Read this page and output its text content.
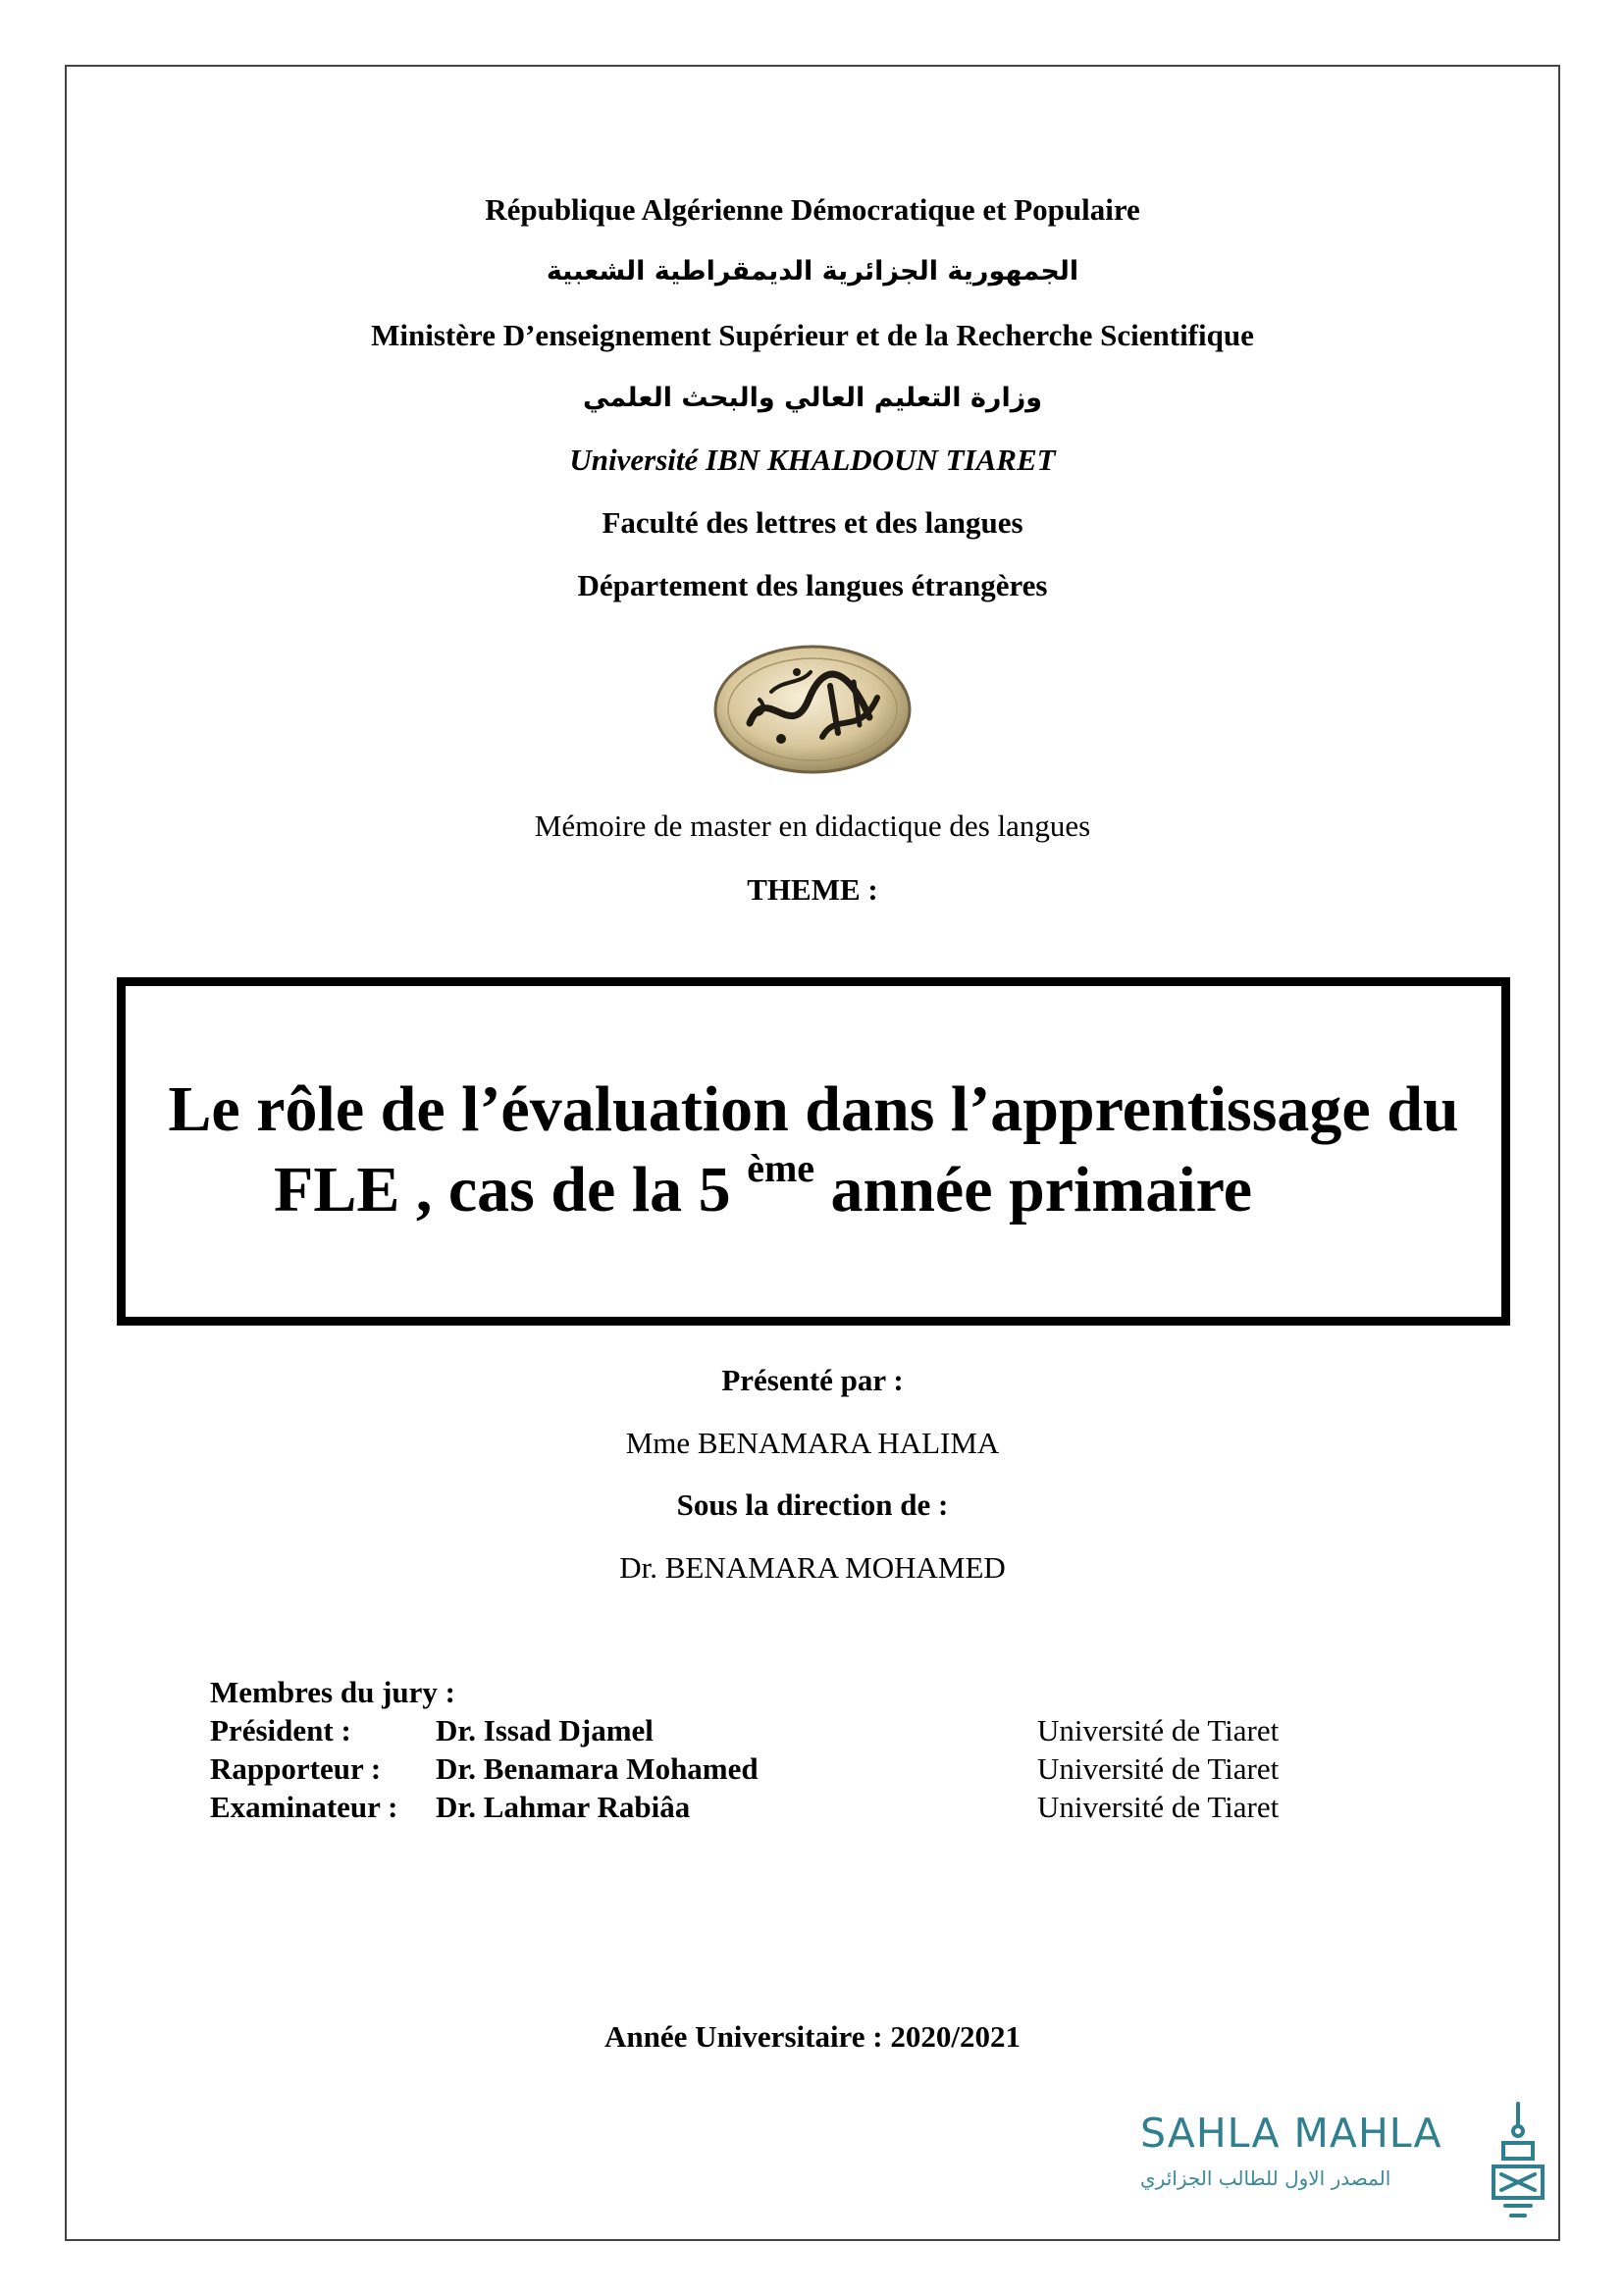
République Algérienne Démocratique et Populaire
الجمهورية الجزائرية الديمقراطية الشعبية
Ministère D’enseignement Supérieur et de la Recherche Scientifique
وزارة التعليم العالي والبحث العلمي
Université IBN KHALDOUN TIARET
Faculté des lettres et des langues
Département des langues étrangères
Mémoire de master en didactique des langues
THEME :
Le rôle de l’évaluation dans l’apprentissage du
FLE , cas de la 5 $^{ème}$ année primaire
Présenté par :
Mme BENAMARA HALIMA
Sous la direction de :
Dr. BENAMARA MOHAMED
Membres du jury :
Président :	Dr. Issad Djamel	Université de Tiaret
Rapporteur : Dr. Benamara Mohamed	Université de Tiaret
Examinateur : Dr. Lahmar Rabiâa	Université de Tiaret
Année Universitaire : 2020/2021
SAHLA MAHLA
المصدر الاول للطالب الجزائري
